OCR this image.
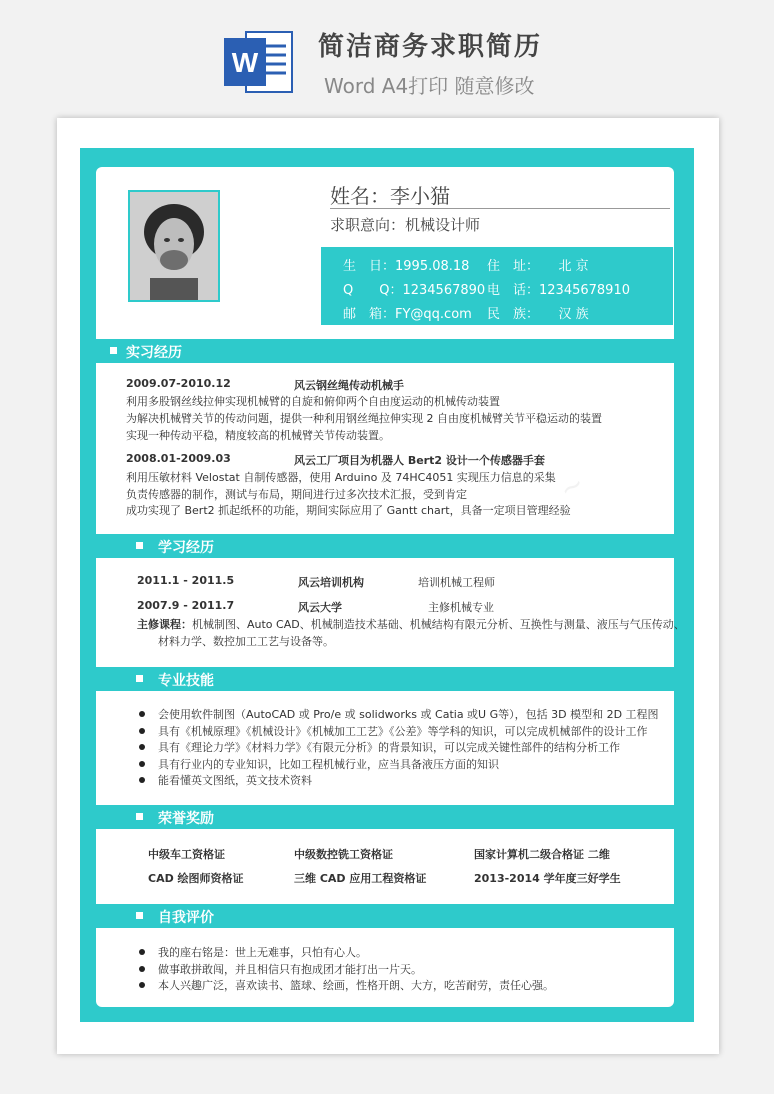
W 简洁商务求职简历
Word A4打印 随意修改
~
姓名：李小猫
求职意向：机械设计师
生　日：1995.08.18 住　址：　　北 京
Q　　Q：1234567890 电　话：12345678910
邮　箱：FY@qq.com 民　族：　　汉 族
实习经历
2009.07-2010.12	风云钢丝绳传动机械手
利用多股钢丝线拉伸实现机械臂的自旋和俯仰两个自由度运动的机械传动装置
为解决机械臂关节的传动问题，提供一种利用钢丝绳拉伸实现 2 自由度机械臂关节平稳运动的装置
实现一种传动平稳，精度较高的机械臂关节传动装置。
2008.01-2009.03	风云工厂项目为机器人 Bert2 设计一个传感器手套
利用压敏材料 Velostat 自制传感器，使用 Arduino 及 74HC4051 实现压力信息的采集
负责传感器的制作，测试与布局，期间进行过多次技术汇报，受到肯定
成功实现了 Bert2 抓起纸杯的功能，期间实际应用了 Gantt chart，具备一定项目管理经验
学习经历
2011.1 - 2011.5	风云培训机构	培训机械工程师
2007.9 - 2011.7	风云大学	主修机械专业
主修课程：机械制图、Auto CAD、机械制造技术基础、机械结构有限元分析、互换性与测量、液压与气压传动、
材料力学、数控加工工艺与设备等。
专业技能
会使用软件制图（AutoCAD 或 Pro/e 或 solidworks 或 Catia 或U G等），包括 3D 模型和 2D 工程图
具有《机械原理》《机械设计》《机械加工工艺》《公差》等学科的知识，可以完成机械部件的设计工作
具有《理论力学》《材料力学》《有限元分析》的背景知识，可以完成关键性部件的结构分析工作
具有行业内的专业知识，比如工程机械行业，应当具备液压方面的知识
能看懂英文图纸，英文技术资料
荣誉奖励
中级车工资格证	中级数控铣工资格证	国家计算机二级合格证 二维
CAD 绘图师资格证	三维 CAD 应用工程资格证	2013-2014 学年度三好学生
自我评价
我的座右铭是：世上无难事，只怕有心人。
做事敢拼敢闯，并且相信只有抱成团才能打出一片天。
本人兴趣广泛，喜欢读书、篮球、绘画，性格开朗、大方，吃苦耐劳，责任心强。
